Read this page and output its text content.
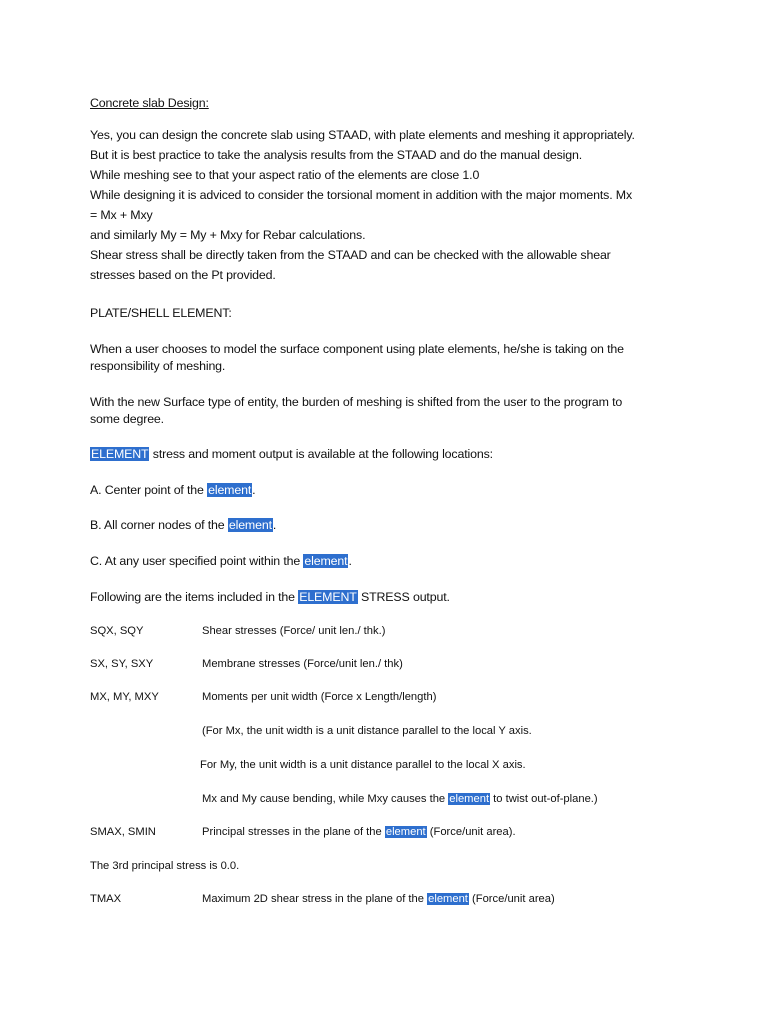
Concrete slab Design:
Yes, you can design the concrete slab using STAAD, with plate elements and meshing it appropriately.
But it is best practice to take the analysis results from the STAAD and do the manual design.
While meshing see to that your aspect ratio of the elements are close 1.0
While designing it is adviced to consider the torsional moment in addition with the major moments. Mx
= Mx + Mxy
and similarly My = My + Mxy for Rebar calculations.
Shear stress shall be directly taken from the STAAD and can be checked with the allowable shear
stresses based on the Pt provided.
PLATE/SHELL ELEMENT:
When a user chooses to model the surface component using plate elements, he/she is taking on the
responsibility of meshing.
With the new Surface type of entity, the burden of meshing is shifted from the user to the program to
some degree.
ELEMENT stress and moment output is available at the following locations:
A. Center point of the element.
B. All corner nodes of the element.
C. At any user specified point within the element.
Following are the items included in the ELEMENT STRESS output.
SQX, SQY	Shear stresses (Force/ unit len./ thk.)
SX, SY, SXY	Membrane stresses (Force/unit len./ thk)
MX, MY, MXY	Moments per unit width (Force x Length/length)
(For Mx, the unit width is a unit distance parallel to the local Y axis.
For My, the unit width is a unit distance parallel to the local X axis.
Mx and My cause bending, while Mxy causes the element to twist out-of-plane.)
SMAX, SMIN	Principal stresses in the plane of the element (Force/unit area).
The 3rd principal stress is 0.0.
TMAX	Maximum 2D shear stress in the plane of the element (Force/unit area)
